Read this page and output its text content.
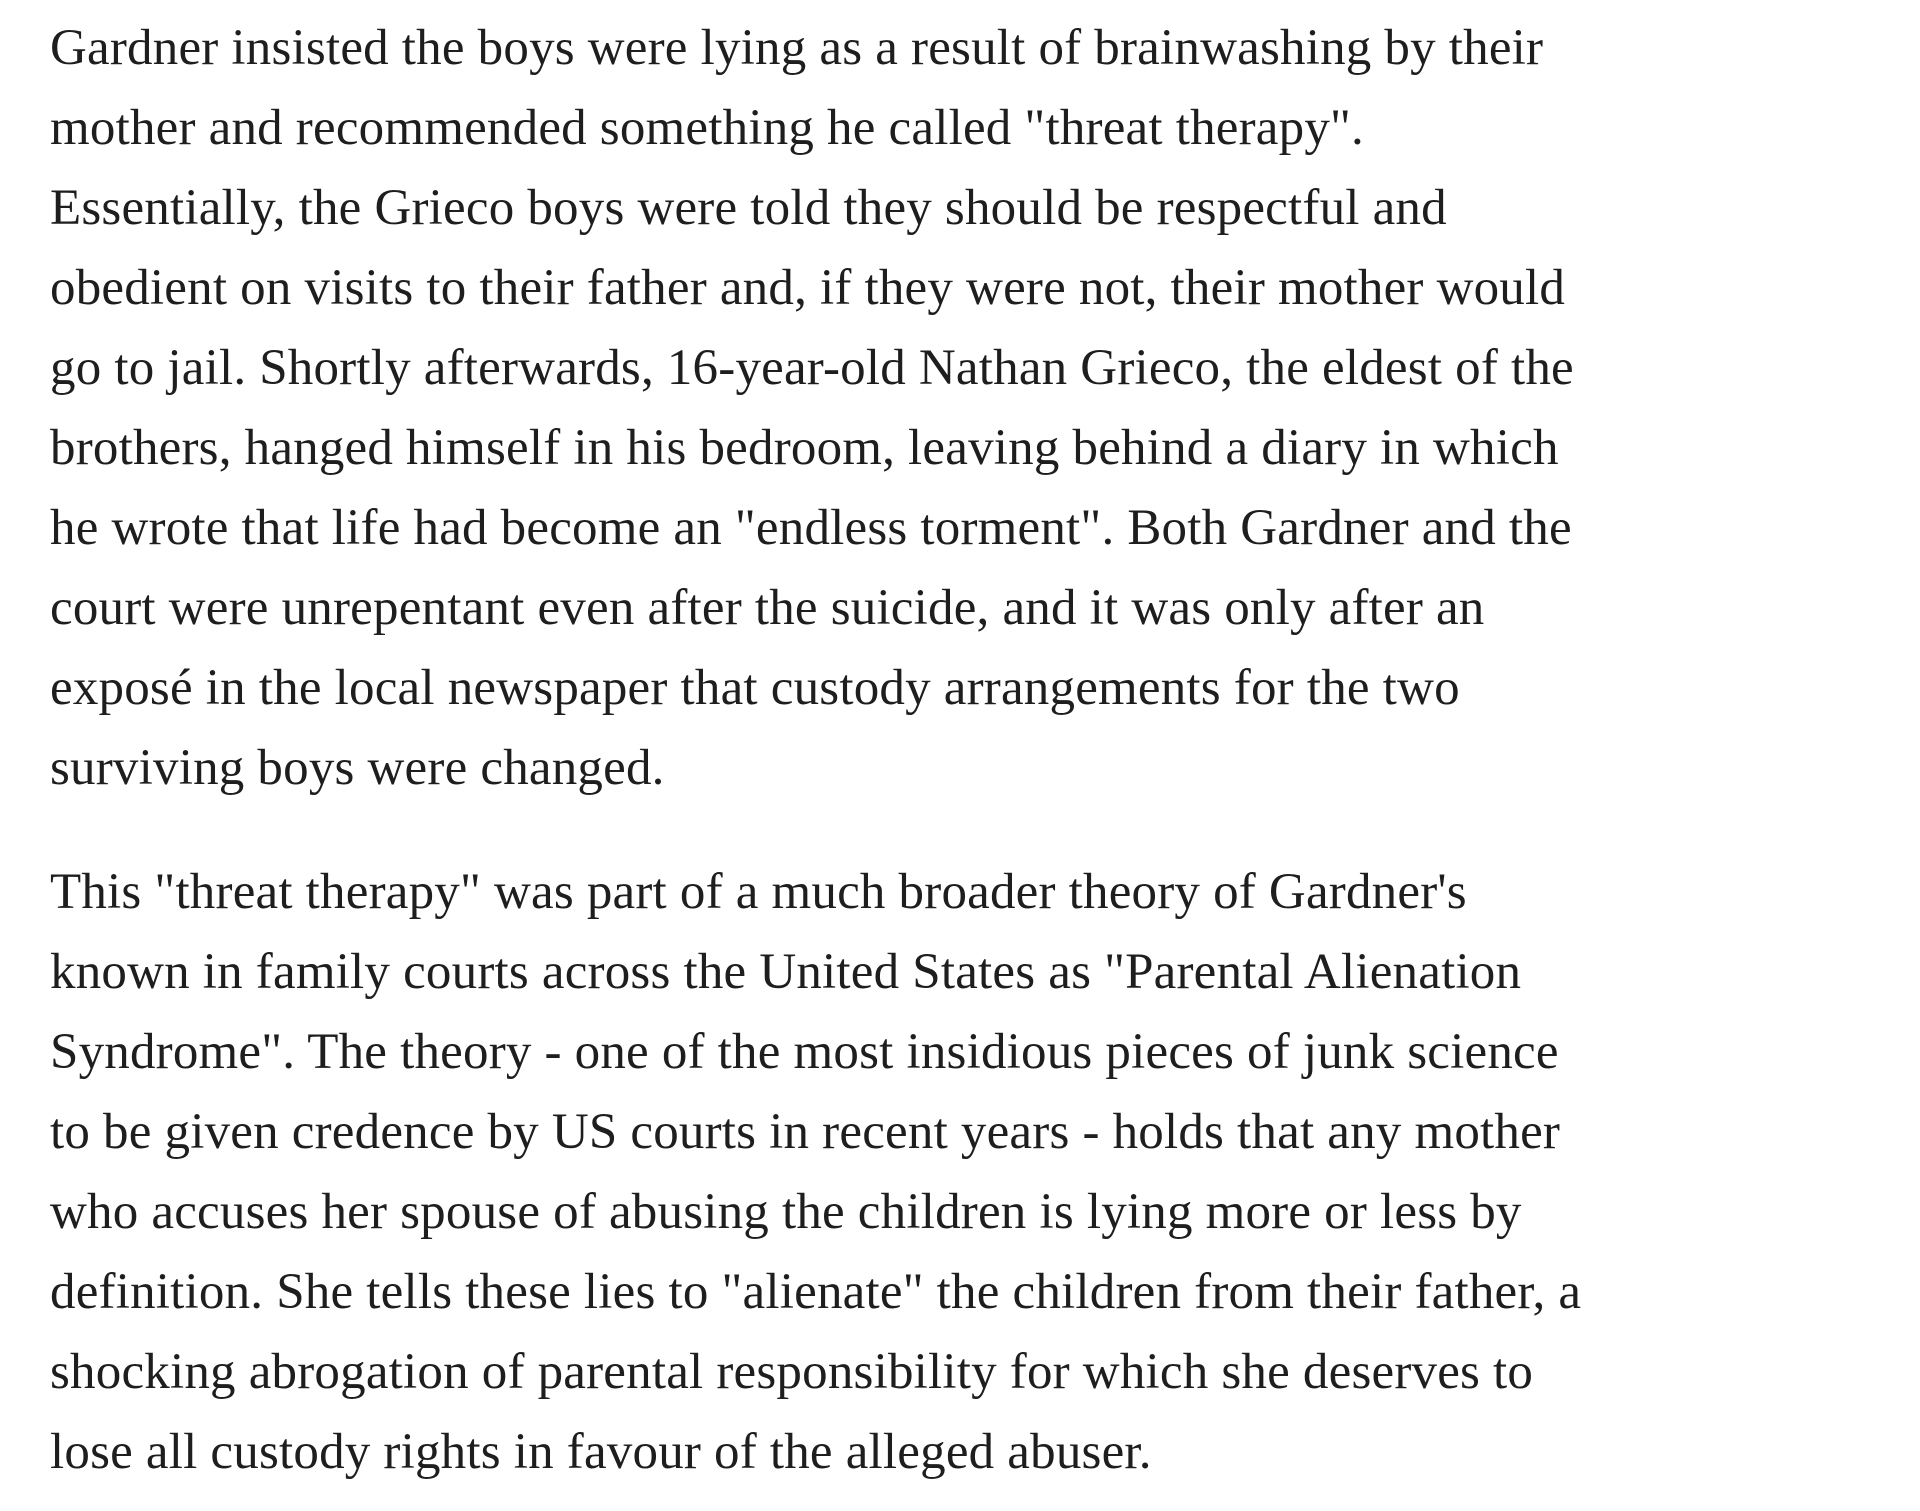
Gardner insisted the boys were lying as a result of brainwashing by their
mother and recommended something he called "threat therapy".
Essentially, the Grieco boys were told they should be respectful and
obedient on visits to their father and, if they were not, their mother would
go to jail. Shortly afterwards, 16-year-old Nathan Grieco, the eldest of the
brothers, hanged himself in his bedroom, leaving behind a diary in which
he wrote that life had become an "endless torment". Both Gardner and the
court were unrepentant even after the suicide, and it was only after an
exposé in the local newspaper that custody arrangements for the two
surviving boys were changed.

This "threat therapy" was part of a much broader theory of Gardner's
known in family courts across the United States as "Parental Alienation
Syndrome". The theory - one of the most insidious pieces of junk science
to be given credence by US courts in recent years - holds that any mother
who accuses her spouse of abusing the children is lying more or less by
definition. She tells these lies to "alienate" the children from their father, a
shocking abrogation of parental responsibility for which she deserves to
lose all custody rights in favour of the alleged abuser.
